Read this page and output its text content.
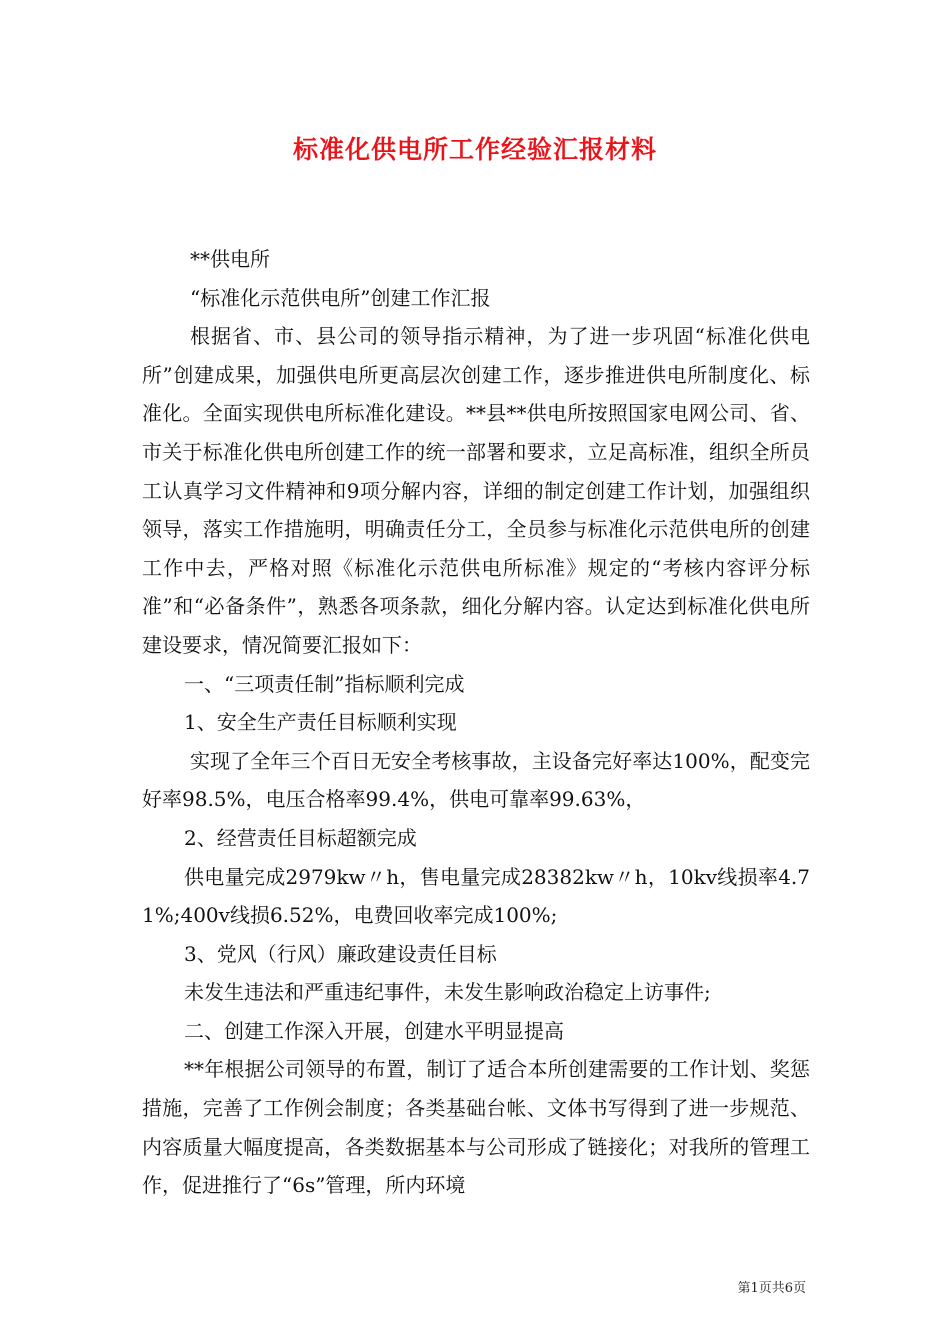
标准化供电所工作经验汇报材料

**供电所

“标准化示范供电所”创建工作汇报

根据省、市、县公司的领导指示精神，为了进一步巩固“标准化供电所”创建成果，加强供电所更高层次创建工作，逐步推进供电所制度化、标准化。全面实现供电所标准化建设。**县**供电所按照国家电网公司、省、市关于标准化供电所创建工作的统一部署和要求，立足高标准，组织全所员工认真学习文件精神和9项分解内容，详细的制定创建工作计划，加强组织领导，落实工作措施明，明确责任分工，全员参与标准化示范供电所的创建工作中去，严格对照《标准化示范供电所标准》规定的“考核内容评分标准”和“必备条件”，熟悉各项条款，细化分解内容。认定达到标准化供电所建设要求，情况简要汇报如下：

一、“三项责任制”指标顺利完成

1、安全生产责任目标顺利实现

实现了全年三个百日无安全考核事故，主设备完好率达100%，配变完好率98.5%，电压合格率99.4%，供电可靠率99.63%，

2、经营责任目标超额完成

供电量完成2979kw〃h，售电量完成28382kw〃h，10kv线损率4.71%;400v线损6.52%，电费回收率完成100%;

3、党风（行风）廉政建设责任目标

未发生违法和严重违纪事件，未发生影响政治稳定上访事件;

二、创建工作深入开展，创建水平明显提高

**年根据公司领导的布置，制订了适合本所创建需要的工作计划、奖惩措施，完善了工作例会制度；各类基础台帐、文体书写得到了进一步规范、内容质量大幅度提高，各类数据基本与公司形成了链接化；对我所的管理工作，促进推行了“6s”管理，所内环境

第1页共6页
